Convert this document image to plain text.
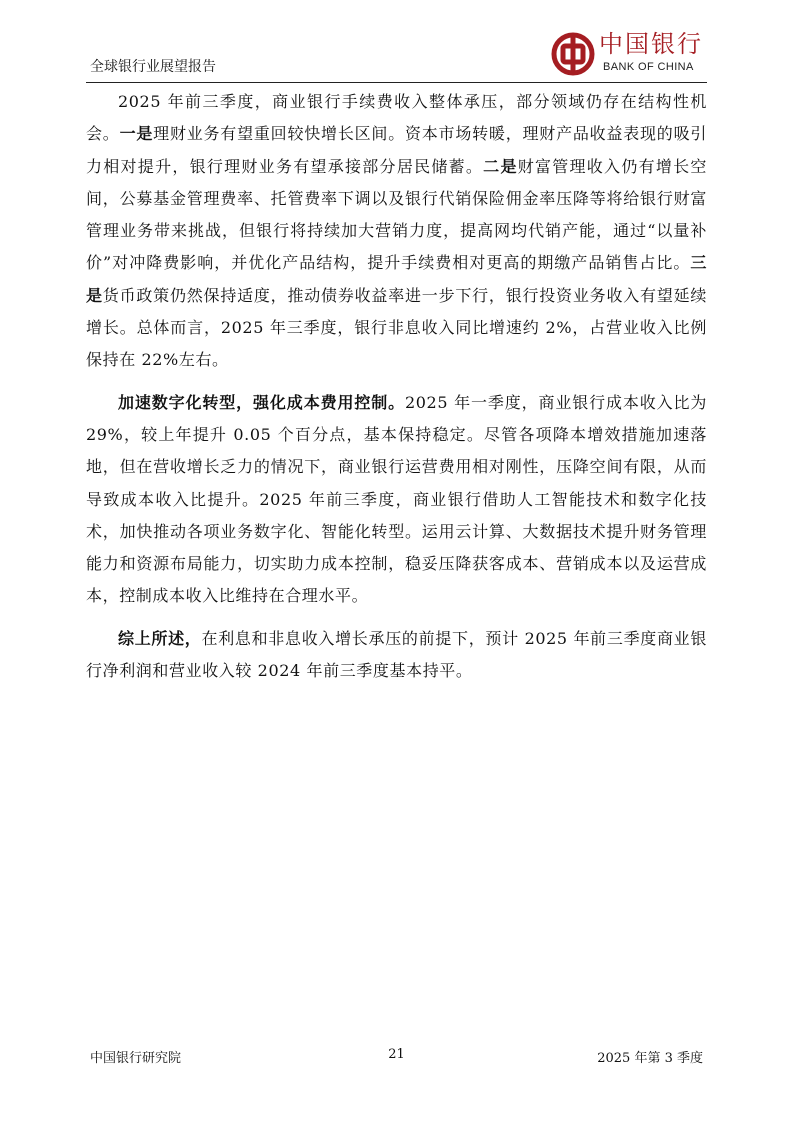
全球银行业展望报告
中国银行
BANK OF CHINA

2025 年前三季度，商业银行手续费收入整体承压，部分领域仍存在结构性机会。一是理财业务有望重回较快增长区间。资本市场转暖，理财产品收益表现的吸引力相对提升，银行理财业务有望承接部分居民储蓄。二是财富管理收入仍有增长空间，公募基金管理费率、托管费率下调以及银行代销保险佣金率压降等将给银行财富管理业务带来挑战，但银行将持续加大营销力度，提高网均代销产能，通过“以量补价”对冲降费影响，并优化产品结构，提升手续费相对更高的期缴产品销售占比。三是货币政策仍然保持适度，推动债券收益率进一步下行，银行投资业务收入有望延续增长。总体而言，2025 年三季度，银行非息收入同比增速约 2%，占营业收入比例保持在 22%左右。

加速数字化转型，强化成本费用控制。2025 年一季度，商业银行成本收入比为 29%，较上年提升 0.05 个百分点，基本保持稳定。尽管各项降本增效措施加速落地，但在营收增长乏力的情况下，商业银行运营费用相对刚性，压降空间有限，从而导致成本收入比提升。2025 年前三季度，商业银行借助人工智能技术和数字化技术，加快推动各项业务数字化、智能化转型。运用云计算、大数据技术提升财务管理能力和资源布局能力，切实助力成本控制，稳妥压降获客成本、营销成本以及运营成本，控制成本收入比维持在合理水平。

综上所述，在利息和非息收入增长承压的前提下，预计 2025 年前三季度商业银行净利润和营业收入较 2024 年前三季度基本持平。

中国银行研究院	21	2025 年第 3 季度
